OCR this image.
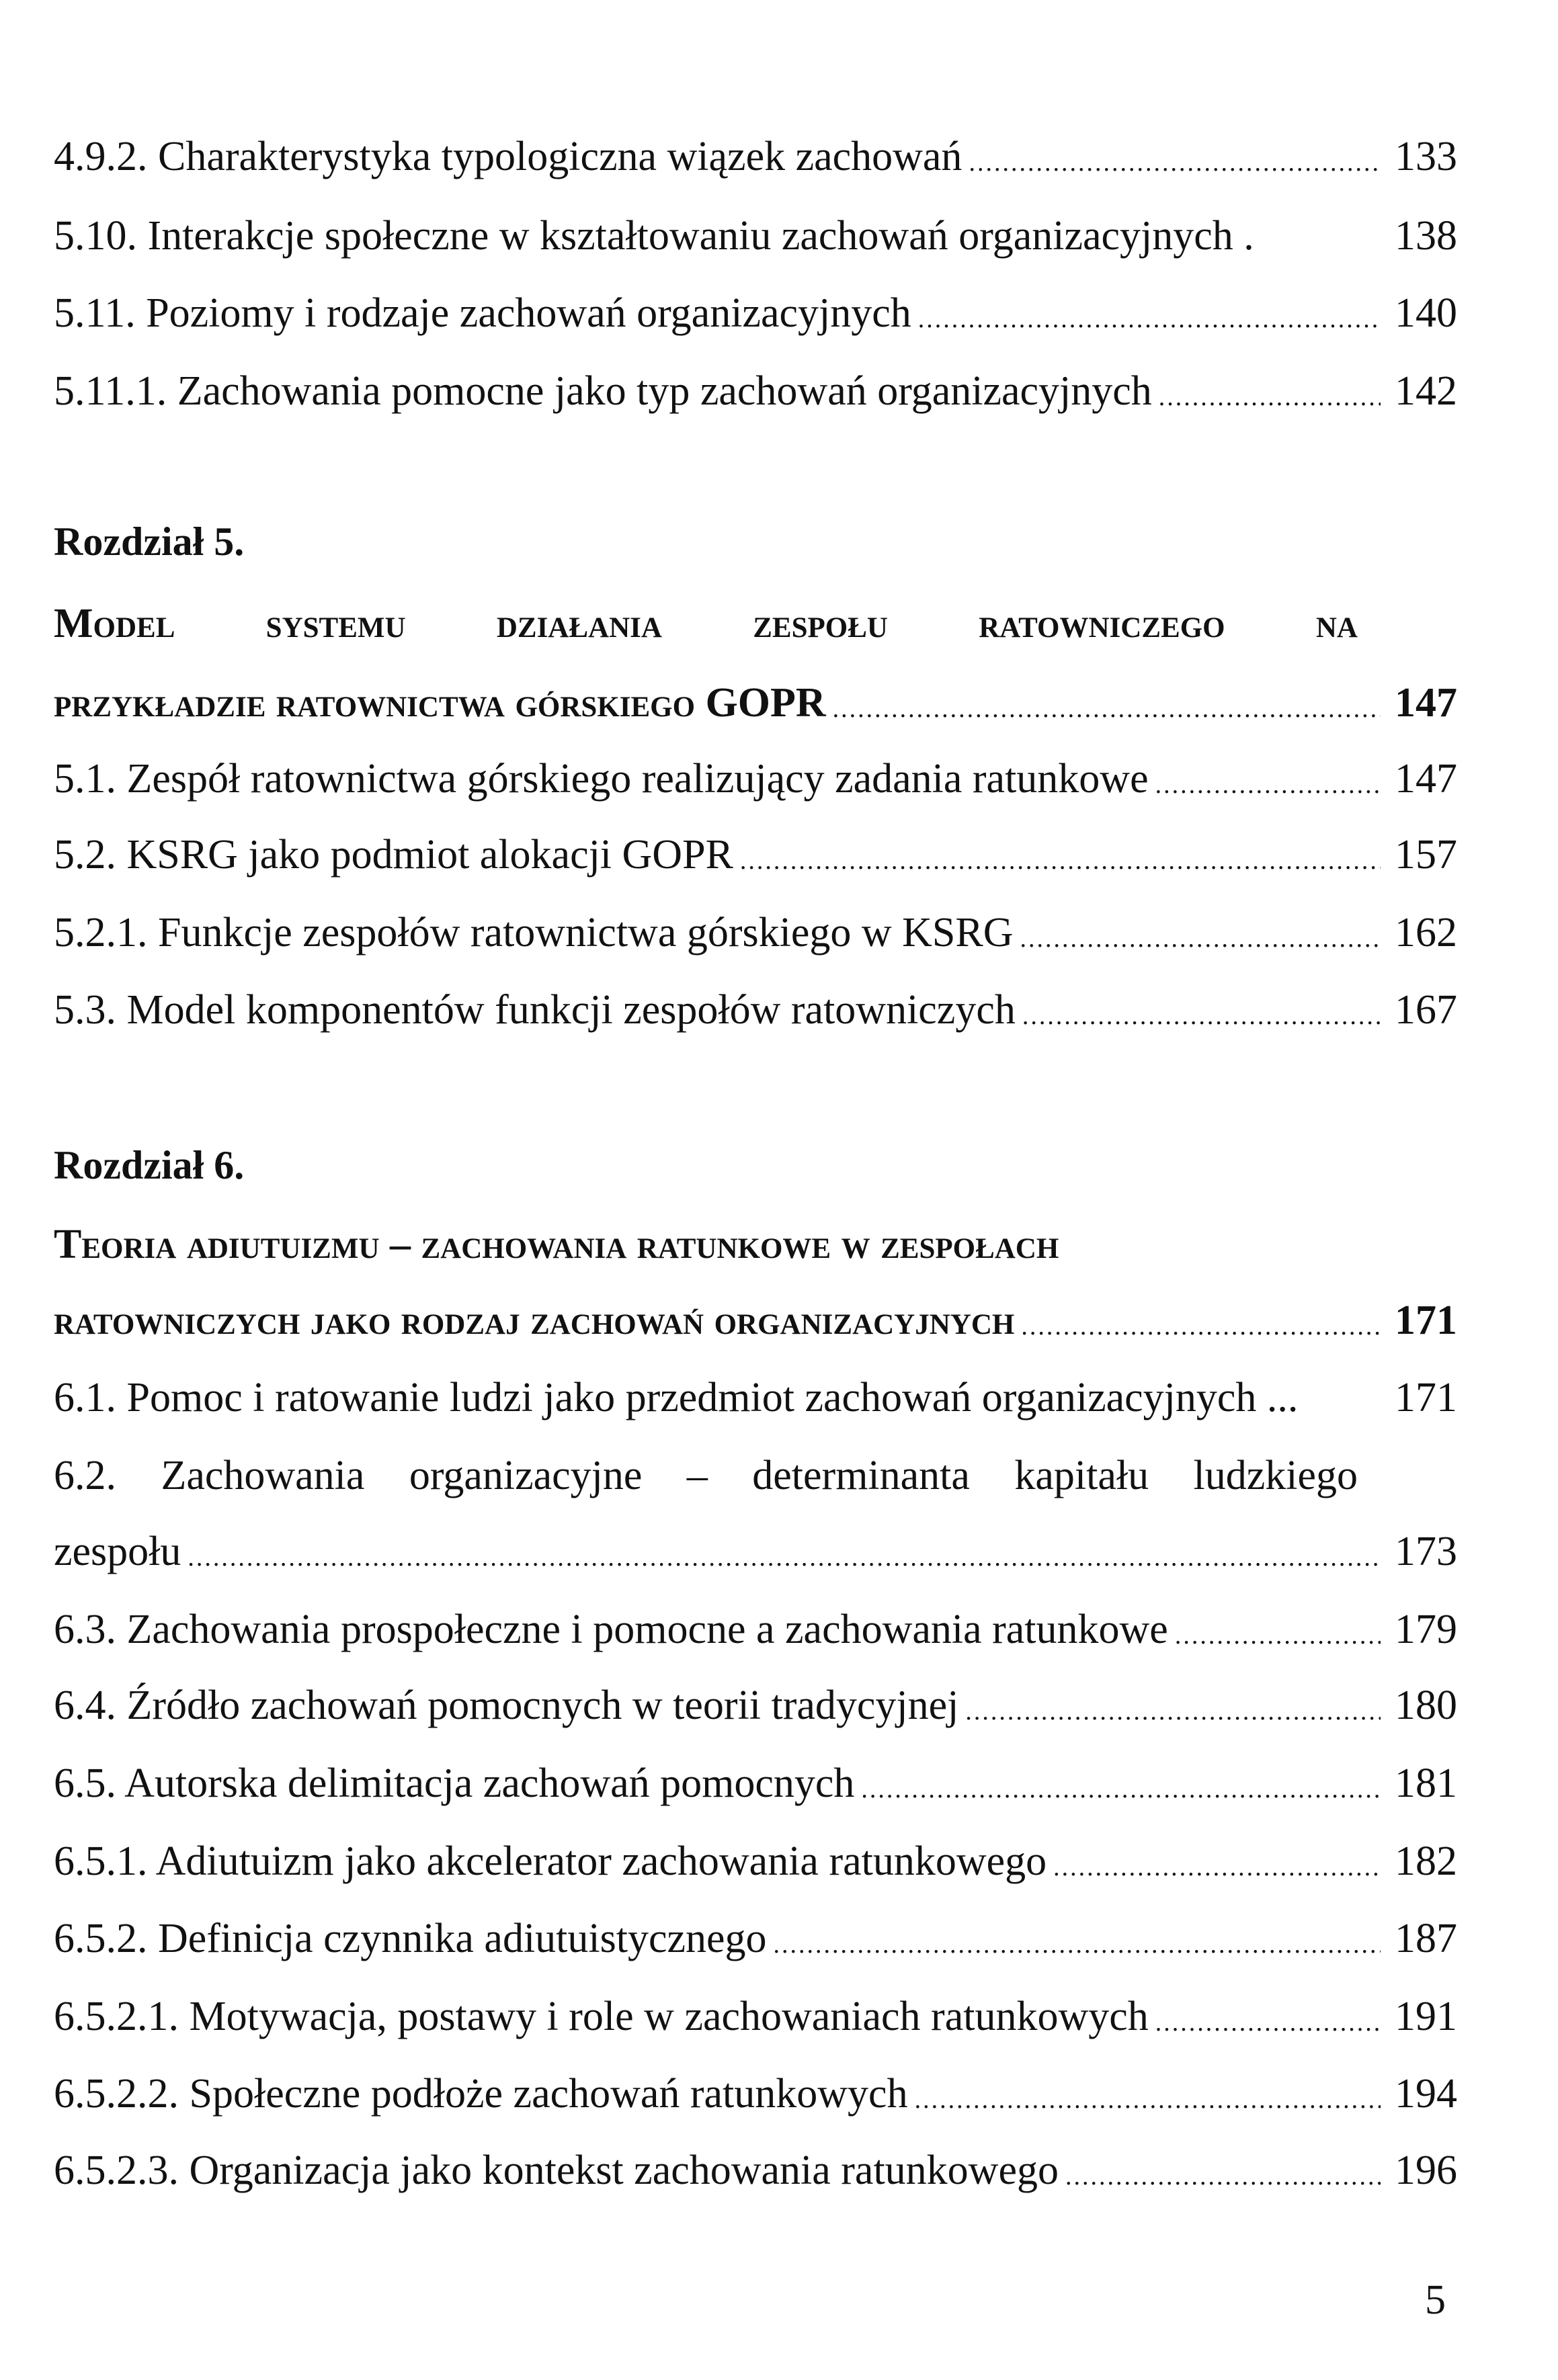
4.9.2. Charakterystyka typologiczna wiązek zachowań .....	133
5.10. Interakcje społeczne w kształtowaniu zachowań organizacyjnych .	138
5.11. Poziomy i rodzaje zachowań organizacyjnych .....	140
5.11.1. Zachowania pomocne jako typ zachowań organizacyjnych .....	142
Rozdział 5.
Model systemu działania zespołu ratowniczego na
przykładzie ratownictwa górskiego GOPR .....	147
5.1. Zespół ratownictwa górskiego realizujący zadania ratunkowe .....	147
5.2. KSRG jako podmiot alokacji GOPR .....	157
5.2.1. Funkcje zespołów ratownictwa górskiego w KSRG .....	162
5.3. Model komponentów funkcji zespołów ratowniczych .....	167
Rozdział 6.
Teoria adiutuizmu – zachowania ratunkowe w zespołach
ratowniczych jako rodzaj zachowań organizacyjnych .....	171
6.1. Pomoc i ratowanie ludzi jako przedmiot zachowań organizacyjnych ... 171
6.2. Zachowania organizacyjne – determinanta kapitału ludzkiego
zespołu .....	173
6.3. Zachowania prospołeczne i pomocne a zachowania ratunkowe .....	179
6.4. Źródło zachowań pomocnych w teorii tradycyjnej .....	180
6.5. Autorska delimitacja zachowań pomocnych .....	181
6.5.1. Adiutuizm jako akcelerator zachowania ratunkowego .....	182
6.5.2. Definicja czynnika adiutuistycznego .....	187
6.5.2.1. Motywacja, postawy i role w zachowaniach ratunkowych .....	191
6.5.2.2. Społeczne podłoże zachowań ratunkowych .....	194
6.5.2.3. Organizacja jako kontekst zachowania ratunkowego .....	196
5
